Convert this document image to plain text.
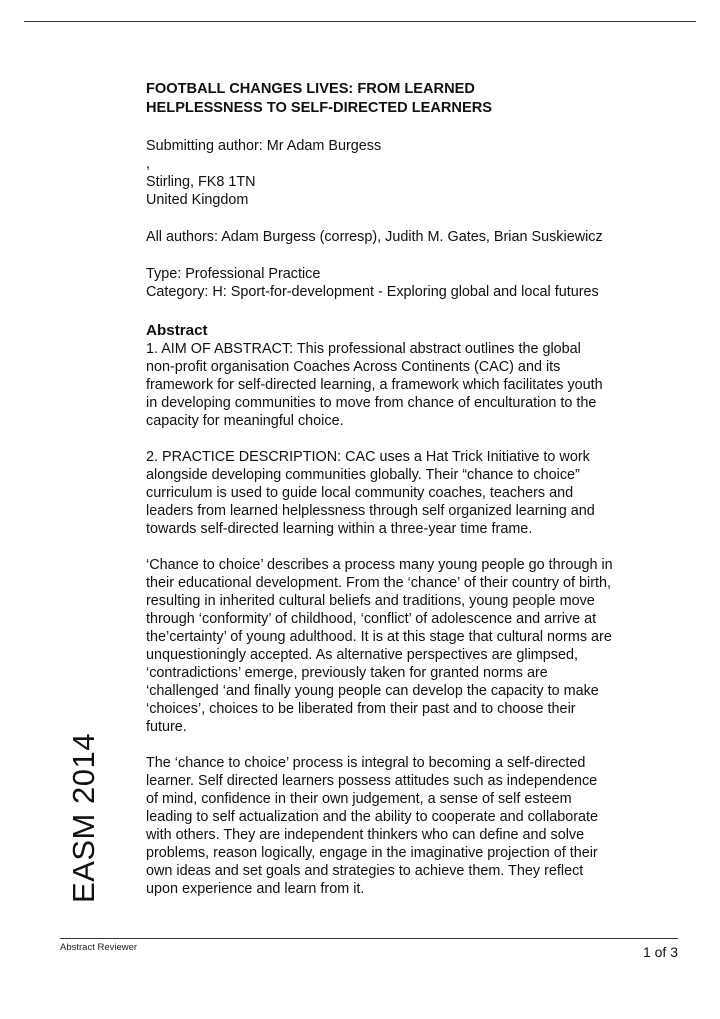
FOOTBALL CHANGES LIVES: FROM LEARNED
HELPLESSNESS TO SELF-DIRECTED LEARNERS
Submitting author: Mr Adam Burgess
,
Stirling, FK8 1TN
United Kingdom
All authors: Adam Burgess (corresp), Judith M. Gates, Brian Suskiewicz
Type: Professional Practice
Category: H: Sport-for-development - Exploring global and local futures
Abstract

1. AIM OF ABSTRACT: This professional abstract outlines the global
non-profit organisation Coaches Across Continents (CAC) and its
framework for self-directed learning, a framework which facilitates youth
in developing communities to move from chance of enculturation to the
capacity for meaningful choice.

2. PRACTICE DESCRIPTION: CAC uses a Hat Trick Initiative to work
alongside developing communities globally. Their “chance to choice”
curriculum is used to guide local community coaches, teachers and
leaders from learned helplessness through self organized learning and
towards self-directed learning within a three-year time frame.

‘Chance to choice’ describes a process many young people go through in
their educational development. From the ‘chance’ of their country of birth,
resulting in inherited cultural beliefs and traditions, young people move
through ‘conformity’ of childhood, ‘conflict’ of adolescence and arrive at
the’certainty’ of young adulthood. It is at this stage that cultural norms are
unquestioningly accepted. As alternative perspectives are glimpsed,
‘contradictions’ emerge, previously taken for granted norms are
‘challenged ‘and finally young people can develop the capacity to make
‘choices’, choices to be liberated from their past and to choose their
future.

The ‘chance to choice’ process is integral to becoming a self-directed
learner. Self directed learners possess attitudes such as independence
of mind, confidence in their own judgement, a sense of self esteem
leading to self actualization and the ability to cooperate and collaborate
with others. They are independent thinkers who can define and solve
problems, reason logically, engage in the imaginative projection of their
own ideas and set goals and strategies to achieve them. They reflect
upon experience and learn from it.

EASM 2014
Abstract Reviewer	1 of 3
